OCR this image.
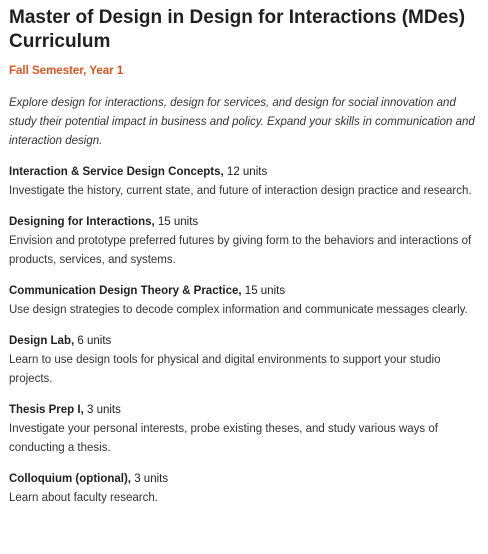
Master of Design in Design for Interactions (MDes) Curriculum
Fall Semester, Year 1
Explore design for interactions, design for services, and design for social innovation and study their potential impact in business and policy. Expand your skills in communication and interaction design.
Interaction & Service Design Concepts, 12 units
Investigate the history, current state, and future of interaction design practice and research.
Designing for Interactions, 15 units
Envision and prototype preferred futures by giving form to the behaviors and interactions of products, services, and systems.
Communication Design Theory & Practice, 15 units
Use design strategies to decode complex information and communicate messages clearly.
Design Lab, 6 units
Learn to use design tools for physical and digital environments to support your studio projects.
Thesis Prep I, 3 units
Investigate your personal interests, probe existing theses, and study various ways of conducting a thesis.
Colloquium (optional), 3 units
Learn about faculty research.
